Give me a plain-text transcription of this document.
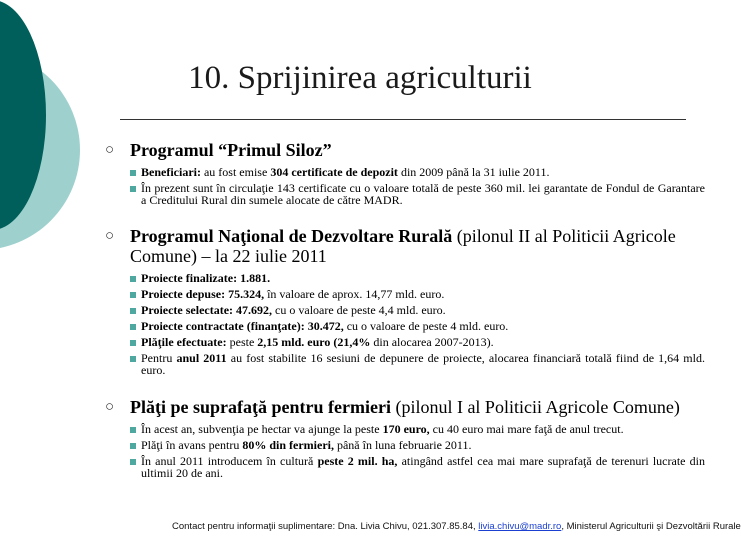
10. Sprijinirea agriculturii
○ Programul “Primul Siloz”
Beneficiari: au fost emise 304 certificate de depozit din 2009 până la 31 iulie 2011.
În prezent sunt în circulaţie 143 certificate cu o valoare totală de peste 360 mil. lei garantate de Fondul de Garantare a Creditului Rural din sumele alocate de către MADR.
○ Programul Naţional de Dezvoltare Rurală (pilonul II al Politicii Agricole Comune) – la 22 iulie 2011
Proiecte finalizate: 1.881.
Proiecte depuse: 75.324, în valoare de aprox. 14,77 mld. euro.
Proiecte selectate: 47.692, cu o valoare de peste 4,4 mld. euro.
Proiecte contractate (finanţate): 30.472, cu o valoare de peste 4 mld. euro.
Plăţile efectuate: peste 2,15 mld. euro (21,4% din alocarea 2007-2013).
Pentru anul 2011 au fost stabilite 16 sesiuni de depunere de proiecte, alocarea financiară totală fiind de 1,64 mld. euro.
○ Plăţi pe suprafaţă pentru fermieri (pilonul I al Politicii Agricole Comune)
În acest an, subvenţia pe hectar va ajunge la peste 170 euro, cu 40 euro mai mare faţă de anul trecut.
Plăţi în avans pentru 80% din fermieri, până în luna februarie 2011.
În anul 2011 introducem în cultură peste 2 mil. ha, atingând astfel cea mai mare suprafaţă de terenuri lucrate din ultimii 20 de ani.
Contact pentru informaţii suplimentare: Dna. Livia Chivu, 021.307.85.84, livia.chivu@madr.ro, Ministerul Agriculturii şi Dezvoltării Rurale
